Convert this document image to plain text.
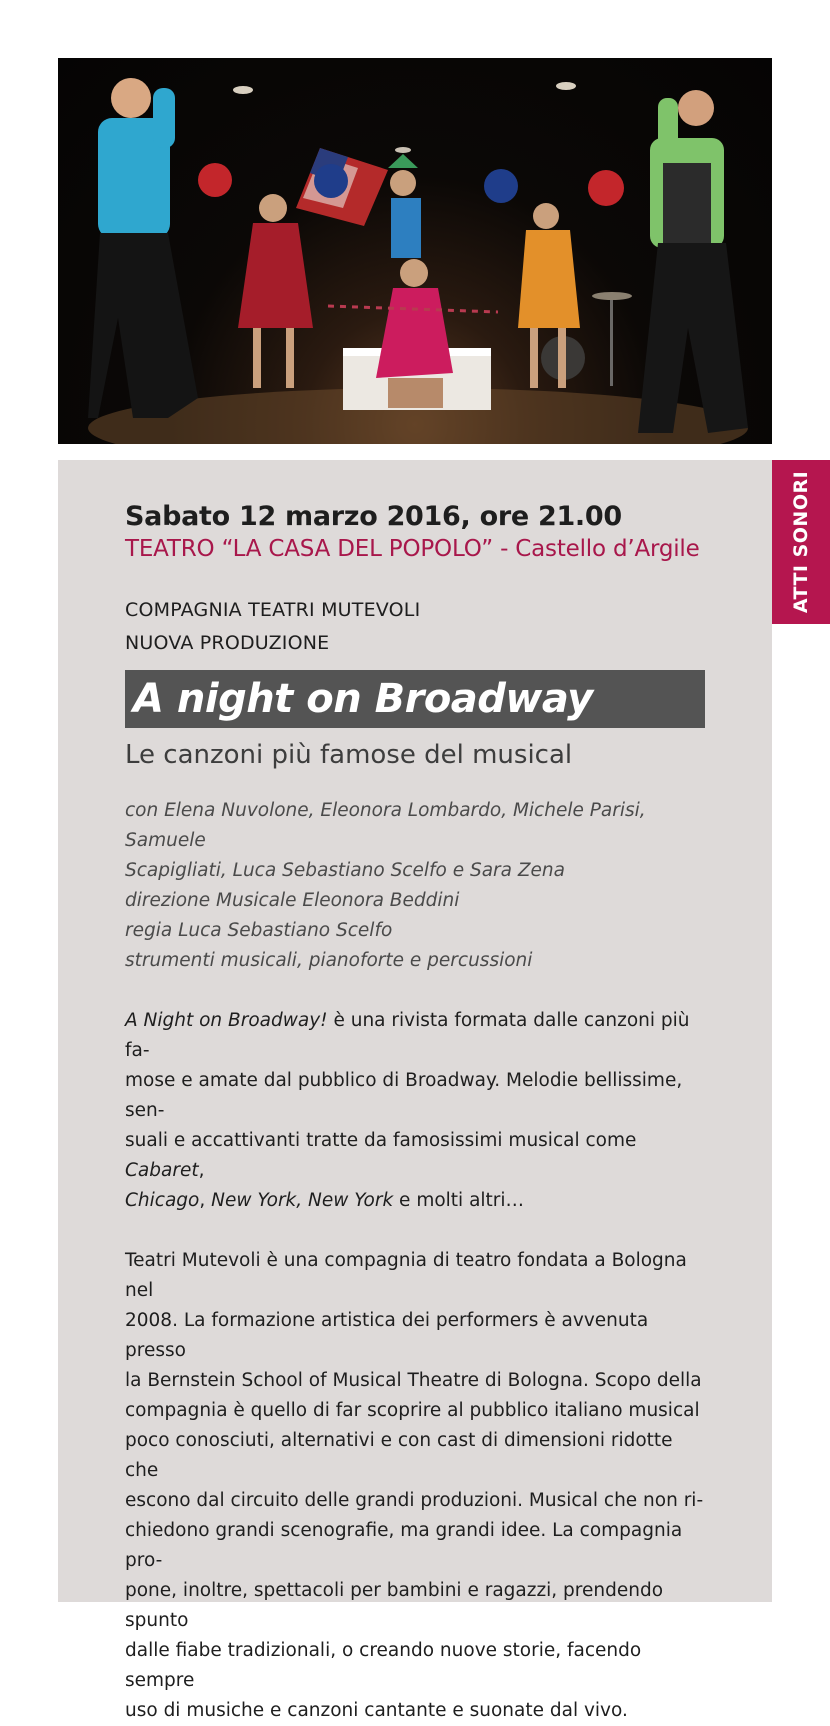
ATTI SONORI
Sabato 12 marzo 2016, ore 21.00
TEATRO “LA CASA DEL POPOLO” - Castello d’Argile
COMPAGNIA TEATRI MUTEVOLI
NUOVA PRODUZIONE
A night on Broadway
Le canzoni più famose del musical
con Elena Nuvolone, Eleonora Lombardo, Michele Parisi, Samuele
Scapigliati, Luca Sebastiano Scelfo e Sara Zena
direzione Musicale Eleonora Beddini
regia Luca Sebastiano Scelfo
strumenti musicali, pianoforte e percussioni
A Night on Broadway! è una rivista formata dalle canzoni più fa-
mose e amate dal pubblico di Broadway. Melodie bellissime, sen-
suali e accattivanti tratte da famosissimi musical come Cabaret,
Chicago, New York, New York e molti altri…
Teatri Mutevoli è una compagnia di teatro fondata a Bologna nel
2008. La formazione artistica dei performers è avvenuta presso
la Bernstein School of Musical Theatre di Bologna. Scopo della
compagnia è quello di far scoprire al pubblico italiano musical
poco conosciuti, alternativi e con cast di dimensioni ridotte che
escono dal circuito delle grandi produzioni. Musical che non ri-
chiedono grandi scenografie, ma grandi idee. La compagnia pro-
pone, inoltre, spettacoli per bambini e ragazzi, prendendo spunto
dalle fiabe tradizionali, o creando nuove storie, facendo sempre
uso di musiche e canzoni cantante e suonate dal vivo.
